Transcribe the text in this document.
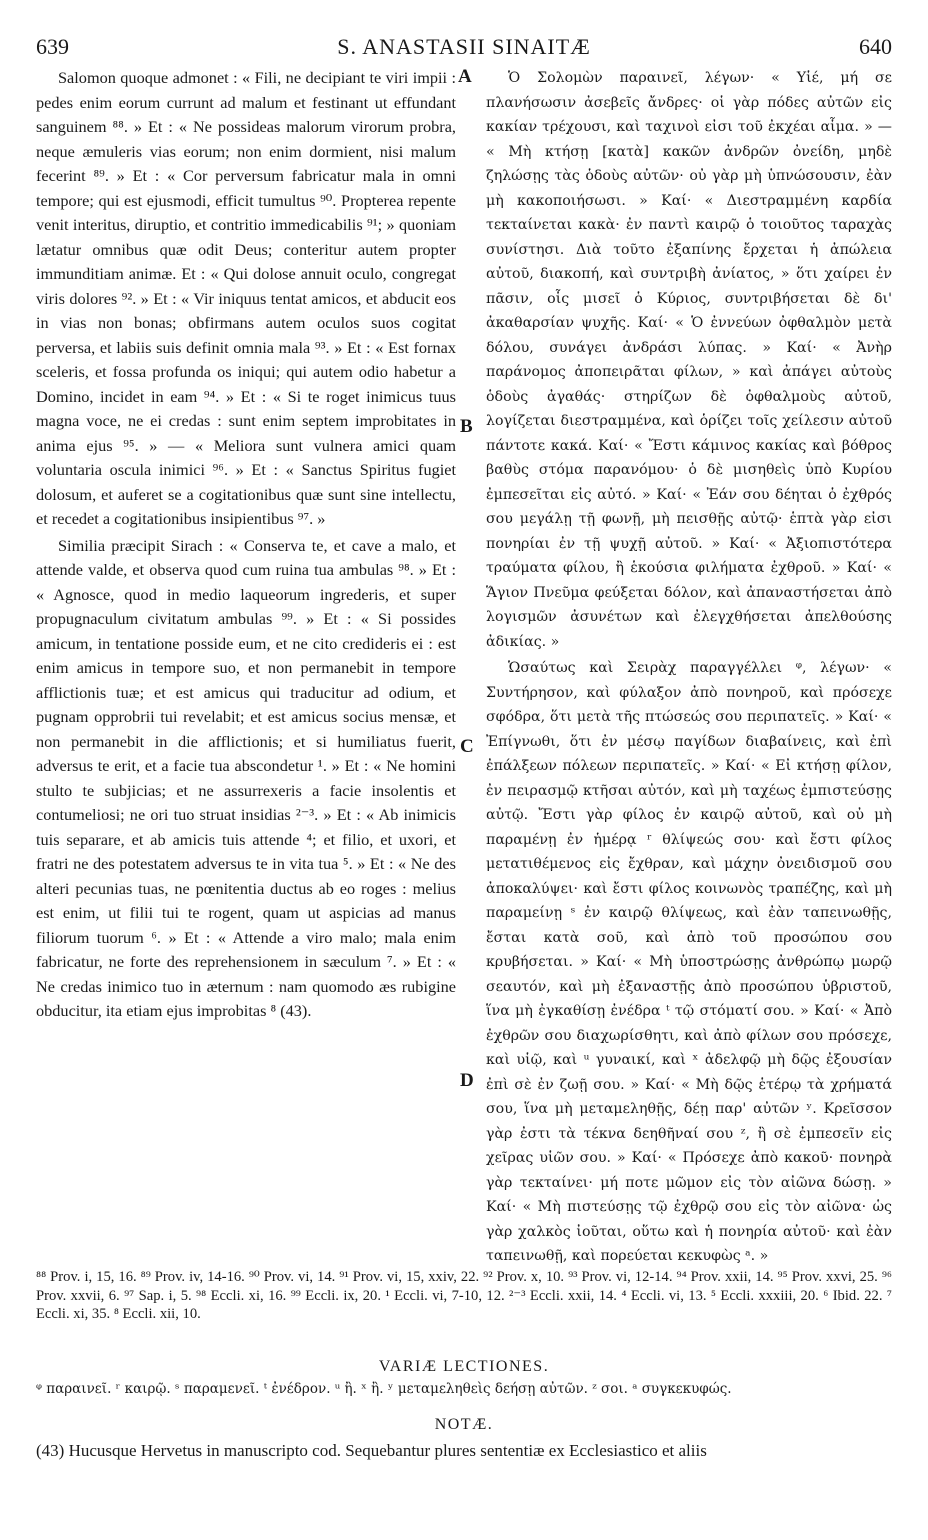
639	S. ANASTASII SINAITÆ	640

Salomon quoque admonet : « Fili, ne decipiant te viri impii : pedes enim eorum currunt ad malum et festinant ut effundant sanguinem ⁸⁸. » Et : « Ne possideas malorum virorum probra, neque æmuleris vias eorum; non enim dormient, nisi malum fecerint ⁸⁹. » Et : « Cor perversum fabricatur mala in omni tempore; qui est ejusmodi, efficit tumultus ⁹⁰. Propterea repente venit interitus, diruptio, et contritio immedicabilis ⁹¹; » quoniam lætatur omnibus quæ odit Deus; conteritur autem propter immunditiam animæ. Et : « Qui dolose annuit oculo, congregat viris dolores ⁹². » Et : « Vir iniquus tentat amicos, et abducit eos in vias non bonas; obfirmans autem oculos suos cogitat perversa, et labiis suis definit omnia mala ⁹³. » Et : « Est fornax sceleris, et fossa profunda os iniqui; qui autem odio habetur a Domino, incidet in eam ⁹⁴. » Et : « Si te roget inimicus tuus magna voce, ne ei credas : sunt enim septem improbitates in anima ejus ⁹⁵. » — « Meliora sunt vulnera amici quam voluntaria oscula inimici ⁹⁶. » Et : « Sanctus Spiritus fugiet dolosum, et auferet se a cogitationibus quæ sunt sine intellectu, et recedet a cogitationibus insipientibus ⁹⁷. »

Similia præcipit Sirach : « Conserva te, et cave a malo, et attende valde, et observa quod cum ruina tua ambulas ⁹⁸. » Et : « Agnosce, quod in medio laqueorum ingrederis, et super propugnaculum civitatum ambulas ⁹⁹. » Et : « Si possides amicum, in tentatione posside eum, et ne cito credideris ei : est enim amicus in tempore suo, et non permanebit in tempore afflictionis tuæ; et est amicus qui traducitur ad odium, et pugnam opprobrii tui revelabit; et est amicus socius mensæ, et non permanebit in die afflictionis; et si humiliatus fuerit, adversus te erit, et a facie tua abscondetur ¹. » Et : « Ne homini stulto te subjicias; et ne assurrexeris a facie insolentis et contumeliosi; ne ori tuo struat insidias ²⁻³. » Et : « Ab inimicis tuis separare, et ab amicis tuis attende ⁴; et filio, et uxori, et fratri ne des potestatem adversus te in vita tua ⁵. » Et : « Ne des alteri pecunias tuas, ne pœnitentia ductus ab eo roges : melius est enim, ut filii tui te rogent, quam ut aspicias ad manus filiorum tuorum ⁶. » Et : « Attende a viro malo; mala enim fabricatur, ne forte des reprehensionem in sæculum ⁷. » Et : « Ne credas inimico tuo in æternum : nam quomodo æs rubigine obducitur, ita etiam ejus improbitas ⁸ (43).

A
B
C
D

Ὁ Σολομὼν παραινεῖ, λέγων· « Υἱέ, μή σε πλανήσωσιν ἀσεβεῖς ἄνδρες· οἱ γὰρ πόδες αὐτῶν εἰς κακίαν τρέχουσι, καὶ ταχινοὶ εἰσι τοῦ ἐκχέαι αἷμα. » — « Μὴ κτήσῃ [κατὰ] κακῶν ἀνδρῶν ὀνείδη, μηδὲ ζηλώσῃς τὰς ὁδοὺς αὐτῶν· οὐ γὰρ μὴ ὑπνώσουσιν, ἐὰν μὴ κακοποιήσωσι. » Καί· « Διεστραμμένη καρδία τεκταίνεται κακὰ· ἐν παντὶ καιρῷ ὁ τοιοῦτος ταραχὰς συνίστησι. Διὰ τοῦτο ἐξαπίνης ἔρχεται ἡ ἀπώλεια αὐτοῦ, διακοπή, καὶ συντριβὴ ἀνίατος, » ὅτι χαίρει ἐν πᾶσιν, οἷς μισεῖ ὁ Κύριος, συντριβήσεται δὲ δι' ἀκαθαρσίαν ψυχῆς. Καί· « Ὁ ἐννεύων ὀφθαλμὸν μετὰ δόλου, συνάγει ἀνδράσι λύπας. » Καί· « Ἀνὴρ παράνομος ἀποπειρᾶται φίλων, » καὶ ἀπάγει αὐτοὺς ὁδοὺς ἀγαθάς· στηρίζων δὲ ὀφθαλμοὺς αὐτοῦ, λογίζεται διεστραμμένα, καὶ ὁρίζει τοῖς χείλεσιν αὐτοῦ πάντοτε κακά. Καί· « Ἔστι κάμινος κακίας καὶ βόθρος βαθὺς στόμα παρανόμου· ὁ δὲ μισηθεὶς ὑπὸ Κυρίου ἐμπεσεῖται εἰς αὐτό. » Καί· « Ἐάν σου δέηται ὁ ἐχθρός σου μεγάλῃ τῇ φωνῇ, μὴ πεισθῇς αὐτῷ· ἑπτὰ γὰρ εἰσι πονηρίαι ἐν τῇ ψυχῇ αὐτοῦ. » Καί· « Ἀξιοπιστότερα τραύματα φίλου, ἢ ἑκούσια φιλήματα ἐχθροῦ. » Καί· « Ἅγιον Πνεῦμα φεύξεται δόλον, καὶ ἀπαναστήσεται ἀπὸ λογισμῶν ἀσυνέτων καὶ ἐλεγχθήσεται ἀπελθούσης ἀδικίας. »

Ὡσαύτως καὶ Σειρὰχ παραγγέλλει ᵠ, λέγων· « Συντήρησον, καὶ φύλαξον ἀπὸ πονηροῦ, καὶ πρόσεχε σφόδρα, ὅτι μετὰ τῆς πτώσεώς σου περιπατεῖς. » Καί· « Ἐπίγνωθι, ὅτι ἐν μέσῳ παγίδων διαβαίνεις, καὶ ἐπὶ ἐπάλξεων πόλεων περιπατεῖς. » Καί· « Εἰ κτήσῃ φίλον, ἐν πειρασμῷ κτῆσαι αὐτόν, καὶ μὴ ταχέως ἐμπιστεύσῃς αὐτῷ. Ἔστι γὰρ φίλος ἐν καιρῷ αὐτοῦ, καὶ οὐ μὴ παραμένῃ ἐν ἡμέρᾳ ʳ θλίψεώς σου· καὶ ἔστι φίλος μετατιθέμενος εἰς ἔχθραν, καὶ μάχην ὀνειδισμοῦ σου ἀποκαλύψει· καὶ ἔστι φίλος κοινωνὸς τραπέζης, καὶ μὴ παραμείνῃ ˢ ἐν καιρῷ θλίψεως, καὶ ἐὰν ταπεινωθῇς, ἔσται κατὰ σοῦ, καὶ ἀπὸ τοῦ προσώπου σου κρυβήσεται. » Καί· « Μὴ ὑποστρώσῃς ἀνθρώπῳ μωρῷ σεαυτόν, καὶ μὴ ἐξαναστῇς ἀπὸ προσώπου ὑβριστοῦ, ἵνα μὴ ἐγκαθίσῃ ἐνέδρα ᵗ τῷ στόματί σου. » Καί· « Ἀπὸ ἐχθρῶν σου διαχωρίσθητι, καὶ ἀπὸ φίλων σου πρόσεχε, καὶ υἱῷ, καὶ ᵘ γυναικί, καὶ ˣ ἀδελφῷ μὴ δῷς ἐξουσίαν ἐπὶ σὲ ἐν ζωῇ σου. » Καί· « Μὴ δῷς ἑτέρῳ τὰ χρήματά σου, ἵνα μὴ μεταμεληθῇς, δέῃ παρ' αὐτῶν ʸ. Κρεῖσσον γὰρ ἐστι τὰ τέκνα δεηθῆναί σου ᶻ, ἢ σὲ ἐμπεσεῖν εἰς χεῖρας υἱῶν σου. » Καί· « Πρόσεχε ἀπὸ κακοῦ· πονηρὰ γὰρ τεκταίνει· μή ποτε μῶμον εἰς τὸν αἰῶνα δώσῃ. » Καί· « Μὴ πιστεύσῃς τῷ ἐχθρῷ σου εἰς τὸν αἰῶνα· ὡς γὰρ χαλκὸς ἰοῦται, οὕτω καὶ ἡ πονηρία αὐτοῦ· καὶ ἐὰν ταπεινωθῇ, καὶ πορεύεται κεκυφὼς ᵃ. »

⁸⁸ Prov. i, 15, 16. ⁸⁹ Prov. iv, 14-16. ⁹⁰ Prov. vi, 14. ⁹¹ Prov. vi, 15, xxiv, 22. ⁹² Prov. x, 10. ⁹³ Prov. vi, 12-14. ⁹⁴ Prov. xxii, 14. ⁹⁵ Prov. xxvi, 25. ⁹⁶ Prov. xxvii, 6. ⁹⁷ Sap. i, 5. ⁹⁸ Eccli. xi, 16. ⁹⁹ Eccli. ix, 20. ¹ Eccli. vi, 7-10, 12. ²⁻³ Eccli. xxii, 14. ⁴ Eccli. vi, 13. ⁵ Eccli. xxxiii, 20. ⁶ Ibid. 22. ⁷ Eccli. xi, 35. ⁸ Eccli. xii, 10.

VARIÆ LECTIONES.
ᵠ παραινεῖ. ʳ καιρῷ. ˢ παραμενεῖ. ᵗ ἐνέδρον. ᵘ ἢ. ˣ ἢ. ʸ μεταμεληθεὶς δεήσῃ αὐτῶν. ᶻ σοι. ᵃ συγκεκυφώς.
NOTÆ.
(43) Hucusque Hervetus in manuscripto cod. Sequebantur plures sententiæ ex Ecclesiastico et aliis
